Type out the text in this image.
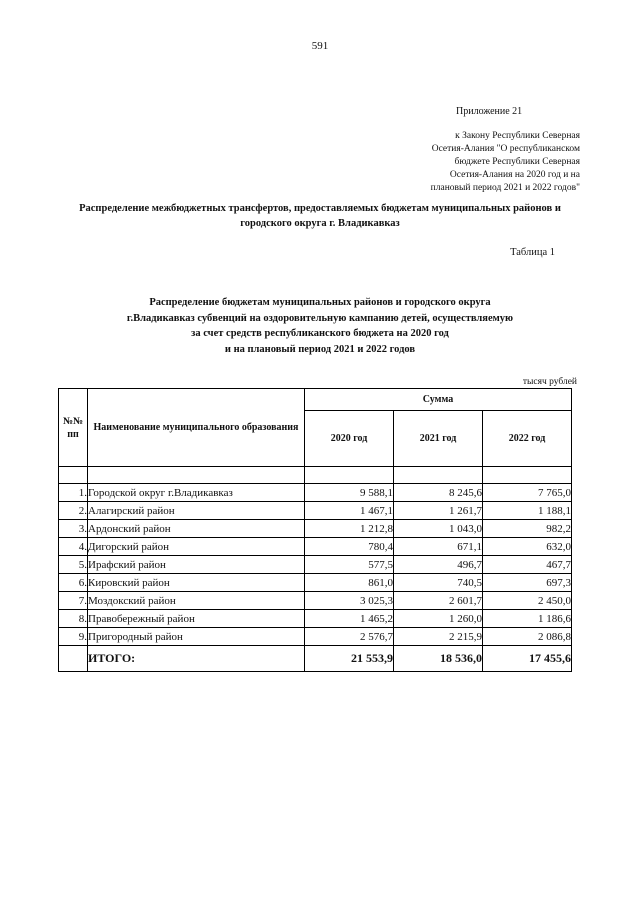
591
Приложение 21
к Закону Республики Северная
Осетия-Алания "О республиканском
бюджете Республики Северная
Осетия-Алания на 2020 год и на
плановый период 2021 и 2022 годов"
Распределение межбюджетных трансфертов, предоставляемых бюджетам муниципальных районов и
городского округа г. Владикавказ
Таблица 1
Распределение бюджетам муниципальных районов и городского округа
г.Владикавказ субвенций на оздоровительную кампанию детей, осуществляемую
за счет средств республиканского бюджета на 2020 год
и на плановый период 2021 и 2022 годов
тысяч рублей
№№ пп	Наименование муниципального образования	Сумма		
		2020 год	2021 год	2022 год

1.	Городской округ г.Владикавказ	9 588,1	8 245,6	7 765,0
2.	Алагирский район	1 467,1	1 261,7	1 188,1
3.	Ардонский район	1 212,8	1 043,0	982,2
4.	Дигорский район	780,4	671,1	632,0
5.	Ирафский район	577,5	496,7	467,7
6.	Кировский район	861,0	740,5	697,3
7.	Моздокский район	3 025,3	2 601,7	2 450,0
8.	Правобережный район	1 465,2	1 260,0	1 186,6
9.	Пригородный район	2 576,7	2 215,9	2 086,8
	ИТОГО:	21 553,9	18 536,0	17 455,6
